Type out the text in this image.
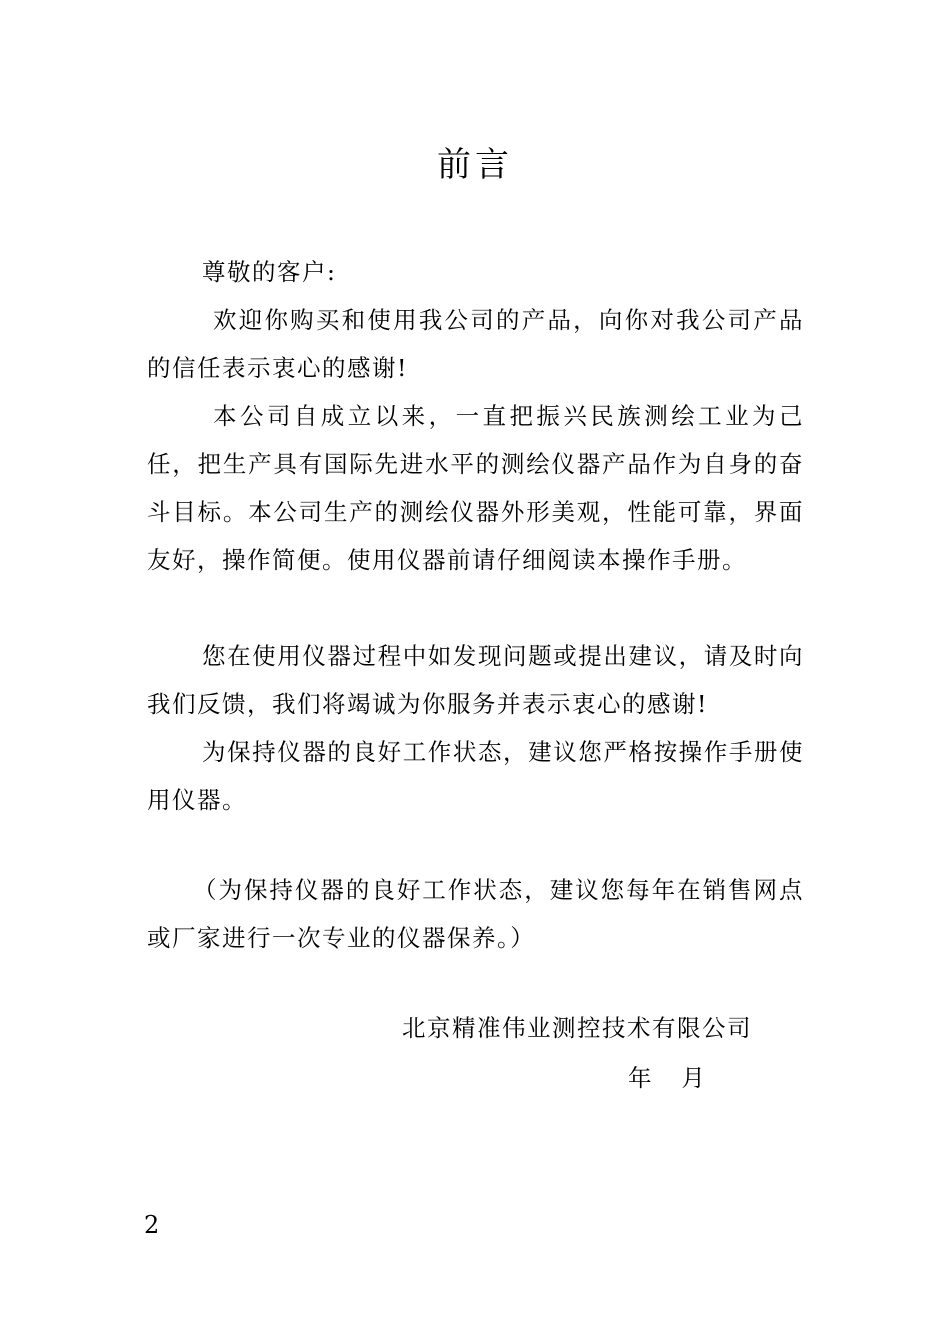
前言
尊敬的客户:
欢迎你购买和使用我公司的产品，向你对我公司产品的信任表示衷心的感谢!
本公司自成立以来，一直把振兴民族测绘工业为己任，把生产具有国际先进水平的测绘仪器产品作为自身的奋斗目标。本公司生产的测绘仪器外形美观，性能可靠，界面友好，操作简便。使用仪器前请仔细阅读本操作手册。
您在使用仪器过程中如发现问题或提出建议，请及时向我们反馈，我们将竭诚为你服务并表示衷心的感谢!
为保持仪器的良好工作状态，建议您严格按操作手册使用仪器。
（为保持仪器的良好工作状态，建议您每年在销售网点或厂家进行一次专业的仪器保养。）
北京精准伟业测控技术有限公司
年    月
2
